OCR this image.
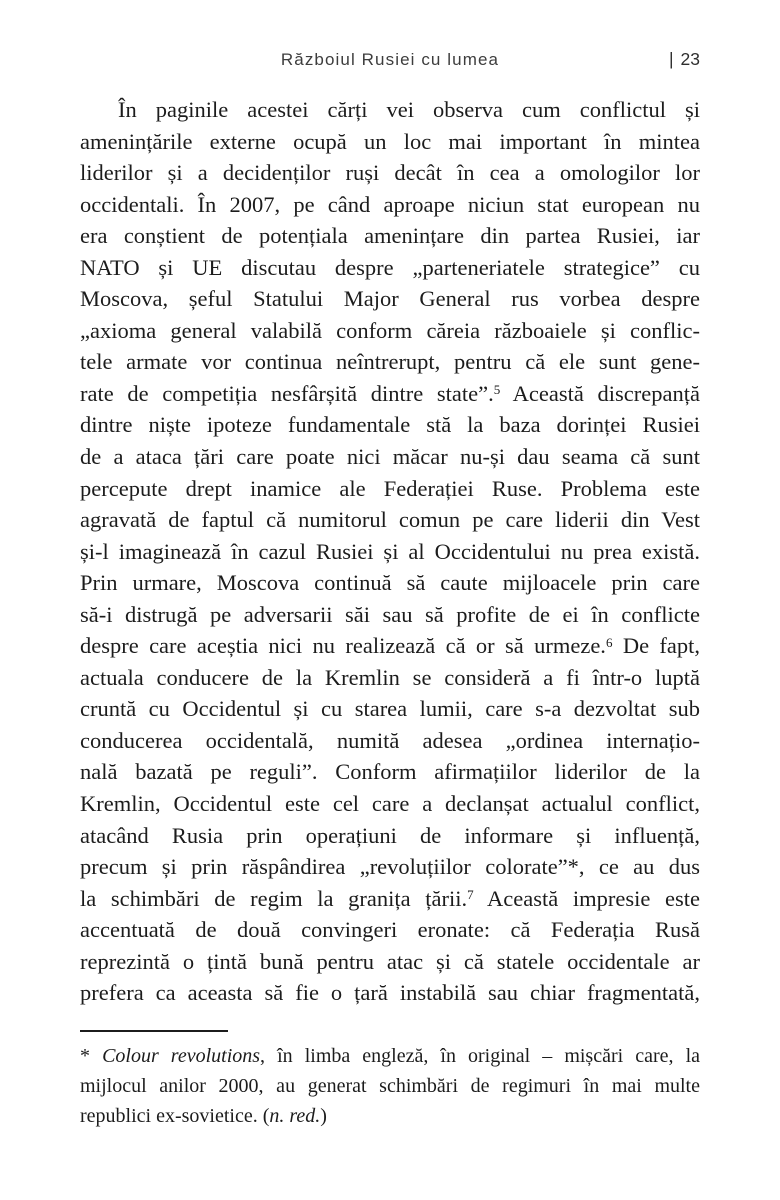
Războiul Rusiei cu lumea	| 23
În paginile acestei cărți vei observa cum conflictul și
amenințările externe ocupă un loc mai important în mintea
liderilor și a decidenților ruși decât în cea a omologilor lor
occidentali. În 2007, pe când aproape niciun stat european nu
era conștient de potențiala amenințare din partea Rusiei, iar
NATO și UE discutau despre „parteneriatele strategice” cu
Moscova, șeful Statului Major General rus vorbea despre
„axioma general valabilă conform căreia războaiele și conflic-
tele armate vor continua neîntrerupt, pentru că ele sunt gene-
rate de competiția nesfârșită dintre state”.$^5$ Această discrepanță
dintre niște ipoteze fundamentale stă la baza dorinței Rusiei
de a ataca țări care poate nici măcar nu-și dau seama că sunt
percepute drept inamice ale Federației Ruse. Problema este
agravată de faptul că numitorul comun pe care liderii din Vest
și-l imaginează în cazul Rusiei și al Occidentului nu prea există.
Prin urmare, Moscova continuă să caute mijloacele prin care
să-i distrugă pe adversarii săi sau să profite de ei în conflicte
despre care aceștia nici nu realizează că or să urmeze.$^6$ De fapt,
actuala conducere de la Kremlin se consideră a fi într-o luptă
cruntă cu Occidentul și cu starea lumii, care s-a dezvoltat sub
conducerea occidentală, numită adesea „ordinea internațio-
nală bazată pe reguli”. Conform afirmațiilor liderilor de la
Kremlin, Occidentul este cel care a declanșat actualul conflict,
atacând Rusia prin operațiuni de informare și influență,
precum și prin răspândirea „revoluțiilor colorate”*, ce au dus
la schimbări de regim la granița țării.$^7$ Această impresie este
accentuată de două convingeri eronate: că Federația Rusă
reprezintă o țintă bună pentru atac și că statele occidentale ar
prefera ca aceasta să fie o țară instabilă sau chiar fragmentată,
* Colour revolutions, în limba engleză, în original – mișcări care, la
mijlocul anilor 2000, au generat schimbări de regimuri în mai multe
republici ex-sovietice. (n. red.)
